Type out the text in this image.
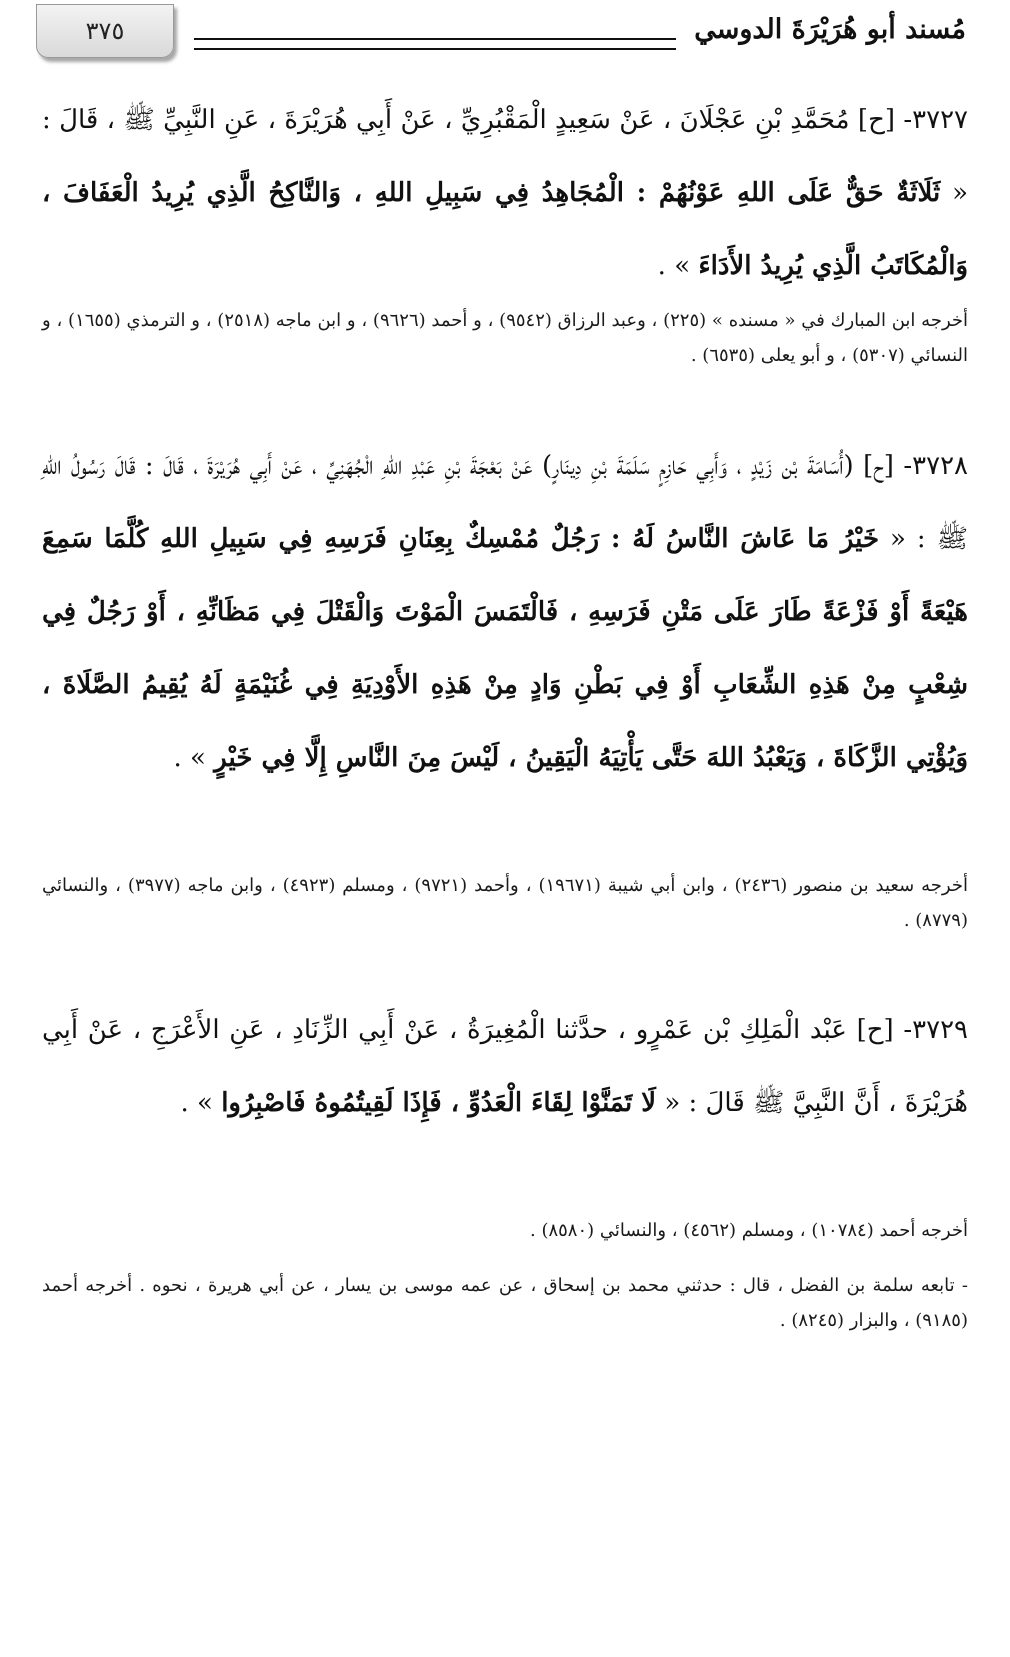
٣٧٥	مُسند أبو هُرَيْرَةَ الدوسي
٣٧٢٧- [ح] مُحَمَّدِ بْنِ عَجْلَانَ ، عَنْ سَعِيدٍ الْمَقْبُرِيِّ ، عَنْ أَبِي هُرَيْرَةَ ، عَنِ النَّبِيِّ ﷺ ، قَالَ : « ثَلَاثَةٌ حَقٌّ عَلَى اللهِ عَوْنُهُمْ : الْمُجَاهِدُ فِي سَبِيلِ اللهِ ، وَالنَّاكِحُ الَّذِي يُرِيدُ الْعَفَافَ ، وَالْمُكَاتَبُ الَّذِي يُرِيدُ الأَدَاءَ » .
أخرجه ابن المبارك في « مسنده » (٢٢٥) ، وعبد الرزاق (٩٥٤٢) ، و أحمد (٩٦٢٦) ، و ابن ماجه (٢٥١٨) ، و الترمذي (١٦٥٥) ، و النسائي (٥٣٠٧) ، و أبو يعلى (٦٥٣٥) .
٣٧٢٨- [ح] (أُسَامَةَ بْن زَيْدٍ ، وَأَبِي حَازِمٍ سَلَمَةَ بْنِ دِينَارٍ) عَنْ بَعْجَةَ بْنِ عَبْدِ اللهِ الْجُهَنِيِّ ، عَنْ أَبِي هُرَيْرَةَ ، قَالَ : قَالَ رَسُولُ اللهِ ﷺ : « خَيْرُ مَا عَاشَ النَّاسُ لَهُ : رَجُلٌ مُمْسِكٌ بِعِنَانِ فَرَسِهِ فِي سَبِيلِ اللهِ كُلَّمَا سَمِعَ هَيْعَةً أَوْ فَزْعَةً طَارَ عَلَى مَتْنِ فَرَسِهِ ، فَالْتَمَسَ الْمَوْتَ وَالْقَتْلَ فِي مَظَانِّهِ ، أَوْ رَجُلٌ فِي شِعْبٍ مِنْ هَذِهِ الشِّعَابِ أَوْ فِي بَطْنِ وَادٍ مِنْ هَذِهِ الأَوْدِيَةِ فِي غُنَيْمَةٍ لَهُ يُقِيمُ الصَّلَاةَ ، وَيُؤْتِي الزَّكَاةَ ، وَيَعْبُدُ اللهَ حَتَّى يَأْتِيَهُ الْيَقِينُ ، لَيْسَ مِنَ النَّاسِ إِلَّا فِي خَيْرٍ » .
أخرجه سعيد بن منصور (٢٤٣٦) ، وابن أبي شيبة (١٩٦٧١) ، وأحمد (٩٧٢١) ، ومسلم (٤٩٢٣) ، وابن ماجه (٣٩٧٧) ، والنسائي (٨٧٧٩) .
٣٧٢٩- [ح] عَبْد الْمَلِكِ بْن عَمْرٍو ، حدَّثنا الْمُغِيرَةُ ، عَنْ أَبِي الزِّنَادِ ، عَنِ الأَعْرَجِ ، عَنْ أَبِي هُرَيْرَةَ ، أَنَّ النَّبِيَّ ﷺ قَالَ : « لَا تَمَنَّوْا لِقَاءَ الْعَدُوِّ ، فَإِذَا لَقِيتُمُوهُ فَاصْبِرُوا » .
أخرجه أحمد (١٠٧٨٤) ، ومسلم (٤٥٦٢) ، والنسائي (٨٥٨٠) .
- تابعه سلمة بن الفضل ، قال : حدثني محمد بن إسحاق ، عن عمه موسى بن يسار ، عن أبي هريرة ، نحوه . أخرجه أحمد (٩١٨٥) ، والبزار (٨٢٤٥) .
